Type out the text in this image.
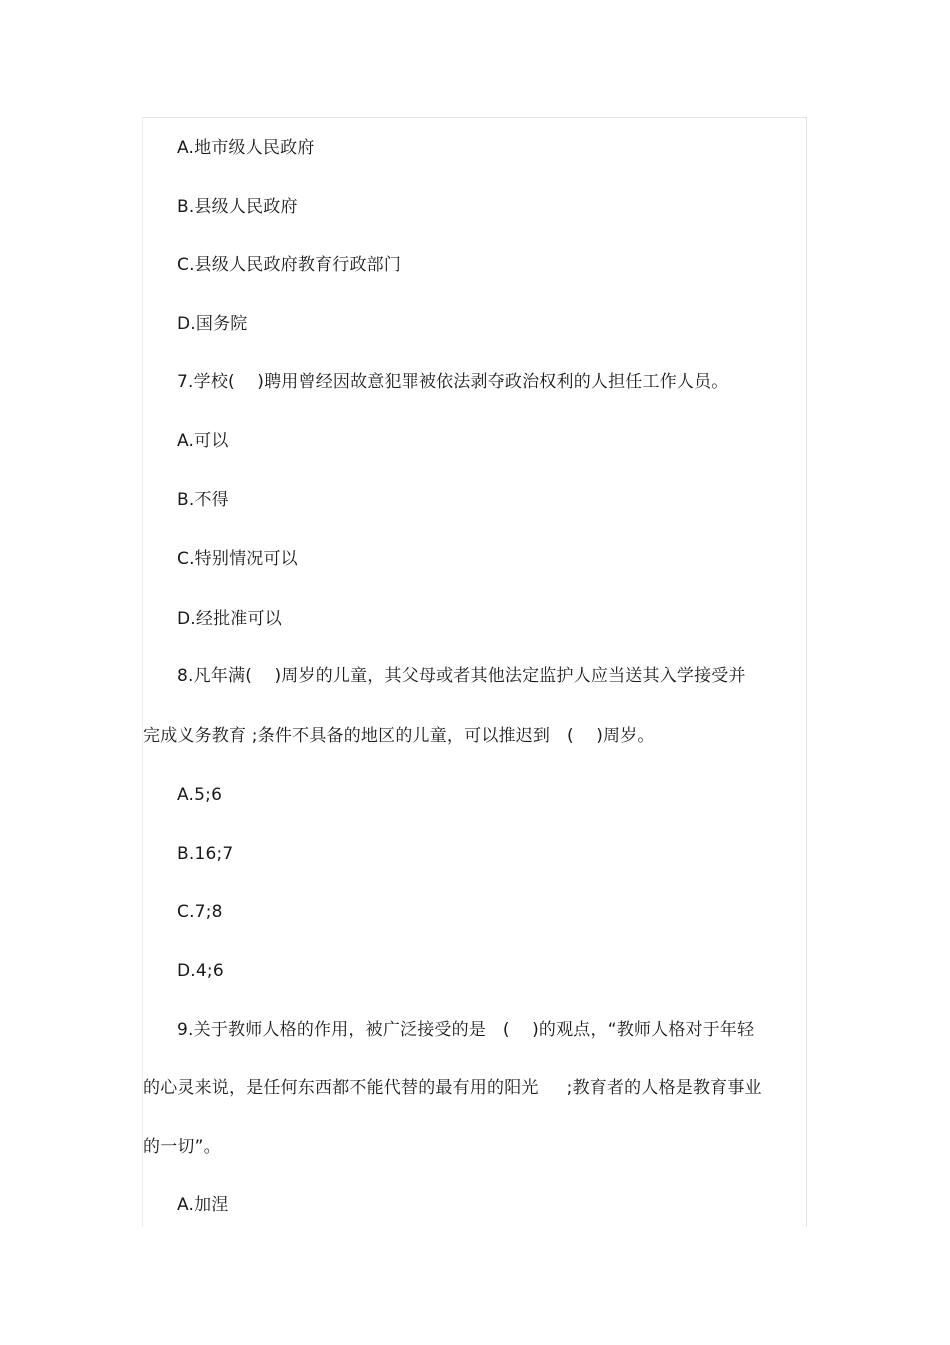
A.地市级人民政府
B.县级人民政府
C.县级人民政府教育行政部门
D.国务院
7.学校(    )聘用曾经因故意犯罪被依法剥夺政治权利的人担任工作人员。
A.可以
B.不得
C.特别情况可以
D.经批准可以
8.凡年满(    )周岁的儿童，其父母或者其他法定监护人应当送其入学接受并
完成义务教育 ;条件不具备的地区的儿童，可以推迟到   (    )周岁。
A.5;6
B.16;7
C.7;8
D.4;6
9.关于教师人格的作用，被广泛接受的是   (    )的观点，“教师人格对于年轻
的心灵来说，是任何东西都不能代替的最有用的阳光     ;教育者的人格是教育事业
的一切”。
A.加涅
